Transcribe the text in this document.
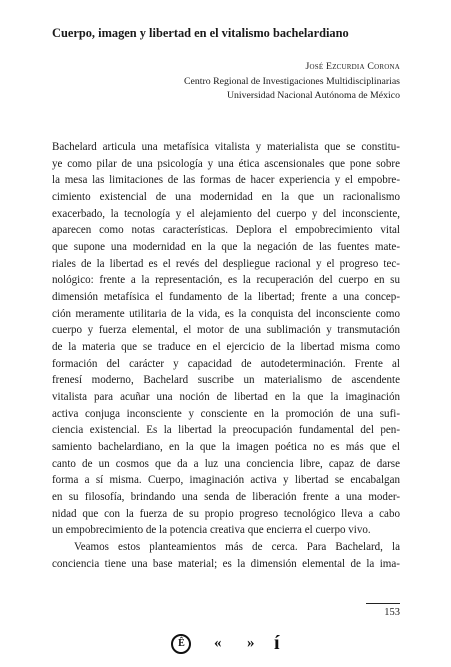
Cuerpo, imagen y libertad en el vitalismo bachelardiano
José Ezcurdia Corona
Centro Regional de Investigaciones Multidisciplinarias
Universidad Nacional Autónoma de México
Bachelard articula una metafísica vitalista y materialista que se constitu-
ye como pilar de una psicología y una ética ascensionales que pone sobre
la mesa las limitaciones de las formas de hacer experiencia y el empobre-
cimiento existencial de una modernidad en la que un racionalismo
exacerbado, la tecnología y el alejamiento del cuerpo y del inconsciente,
aparecen como notas características. Deplora el empobrecimiento vital
que supone una modernidad en la que la negación de las fuentes mate-
riales de la libertad es el revés del despliegue racional y el progreso tec-
nológico: frente a la representación, es la recuperación del cuerpo en su
dimensión metafísica el fundamento de la libertad; frente a una concep-
ción meramente utilitaria de la vida, es la conquista del inconsciente como
cuerpo y fuerza elemental, el motor de una sublimación y transmutación
de la materia que se traduce en el ejercicio de la libertad misma como
formación del carácter y capacidad de autodeterminación. Frente al
frenesí moderno, Bachelard suscribe un materialismo de ascendente
vitalista para acuñar una noción de libertad en la que la imaginación
activa conjuga inconsciente y consciente en la promoción de una sufi-
ciencia existencial. Es la libertad la preocupación fundamental del pen-
samiento bachelardiano, en la que la imagen poética no es más que el
canto de un cosmos que da a luz una conciencia libre, capaz de darse
forma a sí misma. Cuerpo, imaginación activa y libertad se encabalgan
en su filosofía, brindando una senda de liberación frente a una moder-
nidad que con la fuerza de su propio progreso tecnológico lleva a cabo
un empobrecimiento de la potencia creativa que encierra el cuerpo vivo.
Veamos estos planteamientos más de cerca. Para Bachelard, la
conciencia tiene una base material; es la dimensión elemental de la ima-
153
Ê « » í
